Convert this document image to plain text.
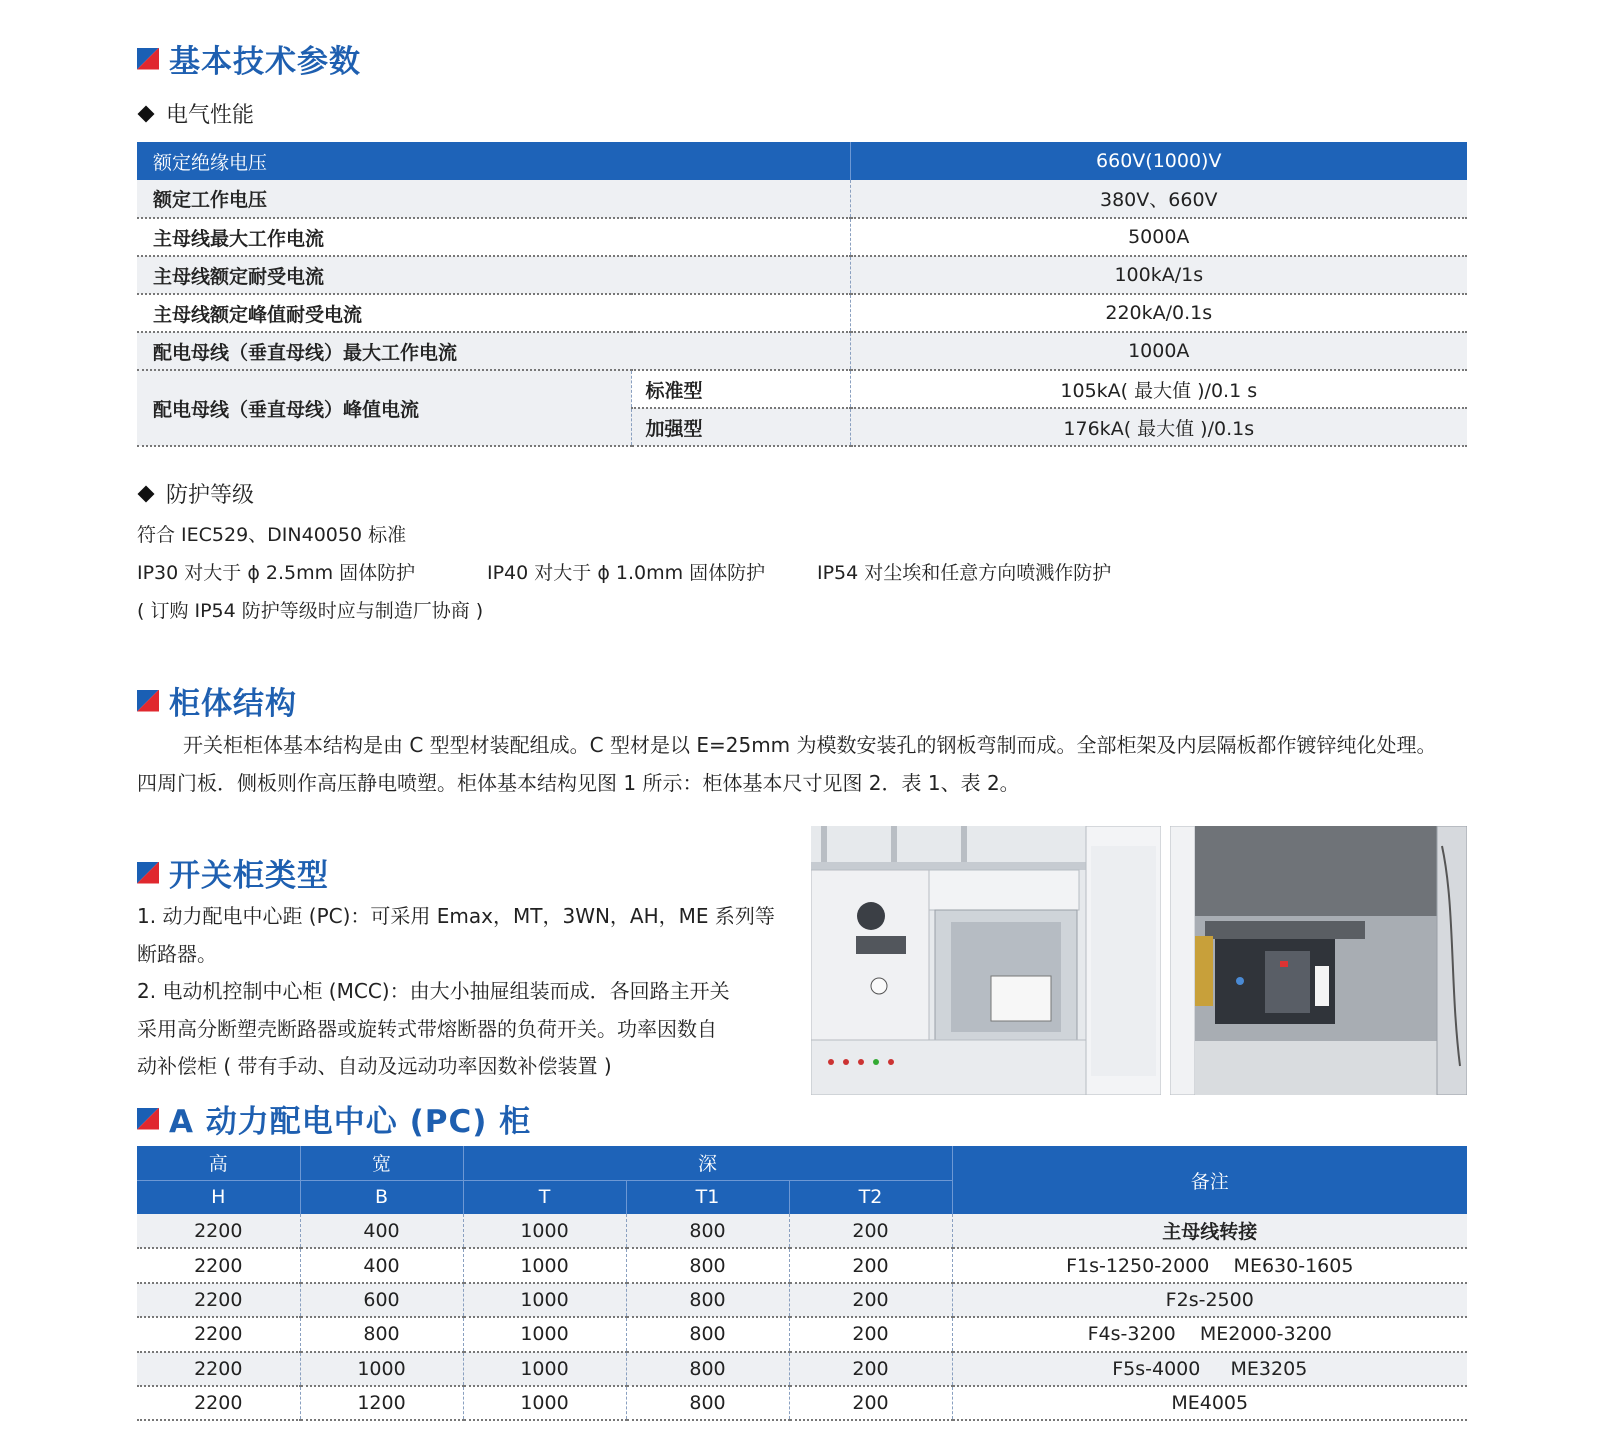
基本技术参数
电气性能
额定绝缘电压		660V(1000)V
额定工作电压		380V、660V
主母线最大工作电流		5000A
主母线额定耐受电流		100kA/1s
主母线额定峰值耐受电流		220kA/0.1s
配电母线（垂直母线）最大工作电流		1000A
配电母线（垂直母线）峰值电流	标准型	105kA( 最大值 )/0.1 s
	加强型	176kA( 最大值 )/0.1s
防护等级
符合 IEC529、DIN40050 标准
IP30 对大于 ϕ 2.5mm 固体防护	IP40 对大于 ϕ 1.0mm 固体防护	IP54 对尘埃和任意方向喷溅作防护
( 订购 IP54 防护等级时应与制造厂协商 )
柜体结构
开关柜柜体基本结构是由 C 型型材装配组成。C 型材是以 E=25mm 为模数安装孔的钢板弯制而成。全部柜架及内层隔板都作镀锌纯化处理。
四周门板．侧板则作高压静电喷塑。柜体基本结构见图 1 所示：柜体基本尺寸见图 2．表 1、表 2。
开关柜类型
1. 动力配电中心距 (PC)：可采用 Emax，MT，3WN，AH，ME 系列等断路器。
2. 电动机控制中心柜 (MCC)：由大小抽屉组装而成．各回路主开关
采用高分断塑壳断路器或旋转式带熔断器的负荷开关。功率因数自
动补偿柜 ( 带有手动、自动及远动功率因数补偿装置 )
A 动力配电中心 (PC) 柜
高	宽	深			备注
H	B	T	T1	T2	
2200	400	1000	800	200	主母线转接
2200	400	1000	800	200	F1s-1250-2000    ME630-1605
2200	600	1000	800	200	F2s-2500
2200	800	1000	800	200	F4s-3200    ME2000-3200
2200	1000	1000	800	200	F5s-4000     ME3205
2200	1200	1000	800	200	ME4005
